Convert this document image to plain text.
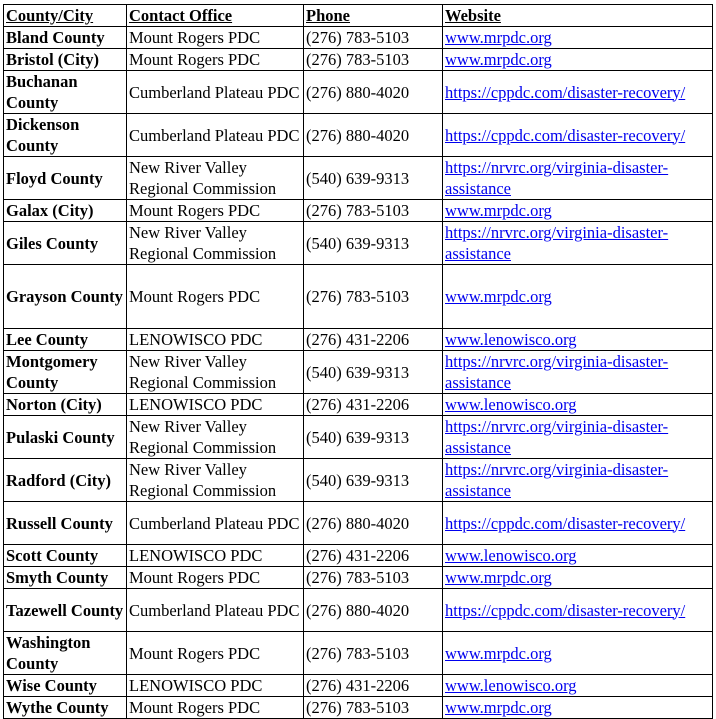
County/City	Contact Office	Phone	Website
Bland County	Mount Rogers PDC	(276) 783-5103	www.mrpdc.org
Bristol (City)	Mount Rogers PDC	(276) 783-5103	www.mrpdc.org
Buchanan County	Cumberland Plateau PDC	(276) 880-4020	https://cppdc.com/disaster-recovery/
Dickenson County	Cumberland Plateau PDC	(276) 880-4020	https://cppdc.com/disaster-recovery/
Floyd County	New River Valley Regional Commission	(540) 639-9313	https://nrvrc.org/virginia-disaster-assistance
Galax (City)	Mount Rogers PDC	(276) 783-5103	www.mrpdc.org
Giles County	New River Valley Regional Commission	(540) 639-9313	https://nrvrc.org/virginia-disaster-assistance
Grayson County	Mount Rogers PDC	(276) 783-5103	www.mrpdc.org
Lee County	LENOWISCO PDC	(276) 431-2206	www.lenowisco.org
Montgomery County	New River Valley Regional Commission	(540) 639-9313	https://nrvrc.org/virginia-disaster-assistance
Norton (City)	LENOWISCO PDC	(276) 431-2206	www.lenowisco.org
Pulaski County	New River Valley Regional Commission	(540) 639-9313	https://nrvrc.org/virginia-disaster-assistance
Radford (City)	New River Valley Regional Commission	(540) 639-9313	https://nrvrc.org/virginia-disaster-assistance
Russell County	Cumberland Plateau PDC	(276) 880-4020	https://cppdc.com/disaster-recovery/
Scott County	LENOWISCO PDC	(276) 431-2206	www.lenowisco.org
Smyth County	Mount Rogers PDC	(276) 783-5103	www.mrpdc.org
Tazewell County	Cumberland Plateau PDC	(276) 880-4020	https://cppdc.com/disaster-recovery/
Washington County	Mount Rogers PDC	(276) 783-5103	www.mrpdc.org
Wise County	LENOWISCO PDC	(276) 431-2206	www.lenowisco.org
Wythe County	Mount Rogers PDC	(276) 783-5103	www.mrpdc.org
